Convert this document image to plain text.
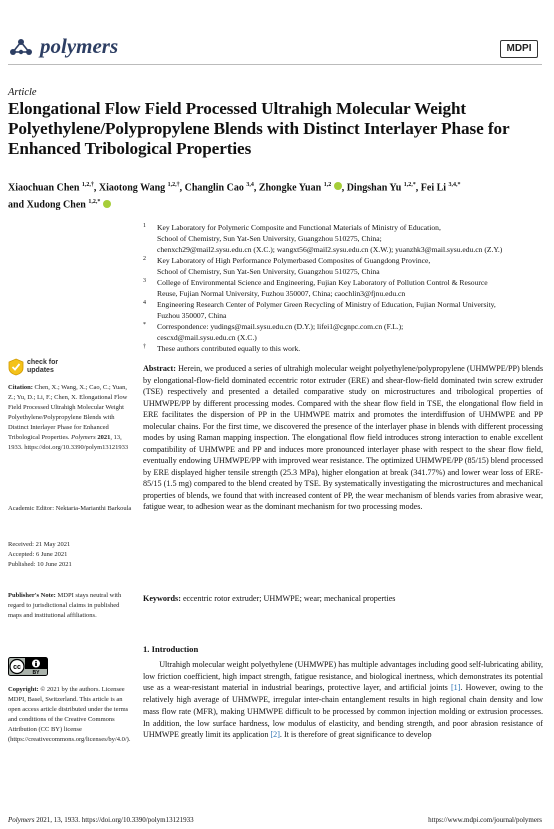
polymers	MDPI
Article
Elongational Flow Field Processed Ultrahigh Molecular Weight Polyethylene/Polypropylene Blends with Distinct Interlayer Phase for Enhanced Tribological Properties
Xiaochuan Chen $^{1,2,\dagger}$, Xiaotong Wang $^{1,2,\dagger}$, Changlin Cao $^{3,4}$, Zhongke Yuan $^{1,2}$ , Dingshan Yu $^{1,2,*}$, Fei Li $^{3,4,*}$
and Xudong Chen $^{1,2,*}$
1 Key Laboratory for Polymeric Composite and Functional Materials of Ministry of Education,
School of Chemistry, Sun Yat-Sen University, Guangzhou 510275, China;
chenxch29@mail2.sysu.edu.cn (X.C.); wangxt56@mail2.sysu.edu.cn (X.W.); yuanzhk3@mail.sysu.edu.cn (Z.Y.)
2 Key Laboratory of High Performance Polymerbased Composites of Guangdong Province,
School of Chemistry, Sun Yat-Sen University, Guangzhou 510275, China
3 College of Environmental Science and Engineering, Fujian Key Laboratory of Pollution Control & Resource
Reuse, Fujian Normal University, Fuzhou 350007, China; caochlin3@fjnu.edu.cn
4 Engineering Research Center of Polymer Green Recycling of Ministry of Education, Fujian Normal University,
Fuzhou 350007, China
* Correspondence: yudings@mail.sysu.edu.cn (D.Y.); lifei1@cgnpc.com.cn (F.L.);
cescxd@mail.sysu.edu.cn (X.C.)
† These authors contributed equally to this work.
check for
updates
Citation: Chen, X.; Wang, X.; Cao, C.; Yuan, Z.; Yu, D.; Li, F.; Chen, X. Elongational Flow Field Processed Ultrahigh Molecular Weight Polyethylene/Polypropylene Blends with Distinct Interlayer Phase for Enhanced Tribological Properties. Polymers 2021, 13, 1933. https://doi.org/10.3390/polym13121933
Academic Editor: Nektaria-Marianthi Barkoula
Received: 21 May 2021
Accepted: 6 June 2021
Published: 10 June 2021
Publisher's Note: MDPI stays neutral with regard to jurisdictional claims in published maps and institutional affiliations.
cc
BY
Copyright: © 2021 by the authors. Licensee MDPI, Basel, Switzerland. This article is an open access article distributed under the terms and conditions of the Creative Commons Attribution (CC BY) license (https://creativecommons.org/licenses/by/4.0/).
Abstract: Herein, we produced a series of ultrahigh molecular weight polyethylene/polypropylene (UHMWPE/PP) blends by elongational-flow-field dominated eccentric rotor extruder (ERE) and shear-flow-field dominated twin screw extruder (TSE) respectively and presented a detailed comparative study on microstructures and tribological properties of UHMWPE/PP by different processing modes. Compared with the shear flow field in TSE, the elongational flow field in ERE facilitates the dispersion of PP in the UHMWPE matrix and promotes the interdiffusion of UHMWPE and PP molecular chains. For the first time, we discovered the presence of the interlayer phase in blends with different processing modes by using Raman mapping inspection. The elongational flow field introduces strong interaction to enable excellent compatibility of UHMWPE and PP and induces more pronounced interlayer phase with respect to the shear flow field, eventually endowing UHMWPE/PP with improved wear resistance. The optimized UHMWPE/PP (85/15) blend processed by ERE displayed higher tensile strength (25.3 MPa), higher elongation at break (341.77%) and lower wear loss of ERE-85/15 (1.5 mg) compared to the blend created by TSE. By systematically investigating the microstructures and mechanical properties of blends, we found that with increased content of PP, the wear mechanism of blends varies from abrasive wear, fatigue wear, to adhesion wear as the dominant mechanism for two processing modes.
Keywords: eccentric rotor extruder; UHMWPE; wear; mechanical properties
1. Introduction
  Ultrahigh molecular weight polyethylene (UHMWPE) has multiple advantages including good self-lubricating ability, low friction coefficient, high impact strength, fatigue resistance, and biological inertness, which demonstrates its potential use as a wear-resistant material in industrial bearings, protective layer, and artificial joints [1]. However, owing to the relatively high average of UHMWPE, irregular inter-chain entanglement results in high regional chain density and low mass flow rate (MFR), making UHMWPE difficult to be processed by common injection molding or extrusion processes. In addition, the low surface hardness, low modulus of elasticity, and bending strength, and poor abrasion resistance of UHMWPE greatly limit its application [2]. It is therefore of great significance to develop
Polymers 2021, 13, 1933. https://doi.org/10.3390/polym13121933	https://www.mdpi.com/journal/polymers
